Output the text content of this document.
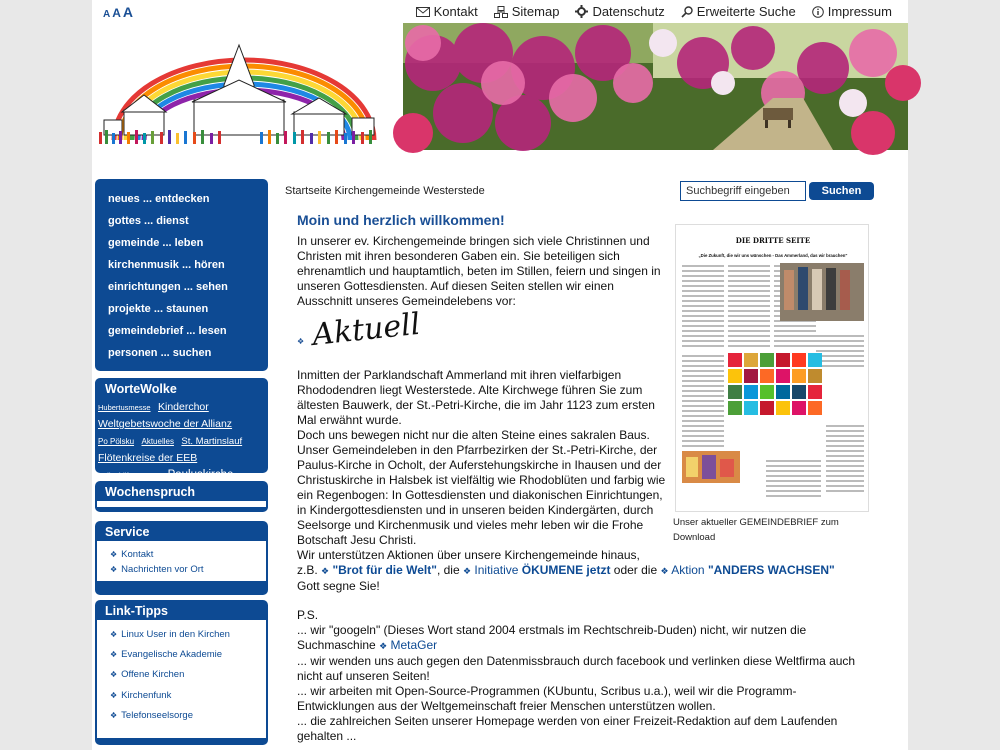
A A A	Kontakt	Sitemap	Datenschutz Erweiterte Suche Impressum
neues ... entdecken
gottes ... dienst
gemeinde ... leben
kirchenmusik ... hören
einrichtungen ... sehen
projekte ... staunen
gemeindebrief ... lesen
personen ... suchen
WorteWolke
Hubertusmesse Kinderchor
Weltgebetswoche der Allianz
Po Pölsku Aktuelles St. Martinslauf
Flötenkreise der EEB
Selbsthilfegruppen Pauluskirche
Wochenspruch
Service
❖ Kontakt
❖ Nachrichten vor Ort
Link-Tipps
❖ Linux User in den Kirchen
❖ Evangelische Akademie
❖ Offene Kirchen
❖ Kirchenfunk
❖ Telefonseelsorge
Startseite Kirchengemeinde Westerstede
Suchbegriff eingeben	Suchen
Moin und herzlich willkommen!
In unserer ev. Kirchengemeinde bringen sich viele Christinnen und Christen mit ihren besonderen Gaben ein. Sie beteiligen sich ehrenamtlich und hauptamtlich, beten im Stillen, feiern und singen in unseren Gottesdiensten. Auf diesen Seiten stellen wir einen Ausschnitt unseres Gemeindelebens vor:
❖ Aktuell
Inmitten der Parklandschaft Ammerland mit ihren vielfarbigen Rhododendren liegt Westerstede. Alte Kirchwege führen Sie zum ältesten Bauwerk, der St.-Petri-Kirche, die im Jahr 1123 zum ersten Mal erwähnt wurde.
Doch uns bewegen nicht nur die alten Steine eines sakralen Baus. Unser Gemeindeleben in den Pfarrbezirken der St.-Petri-Kirche, der Paulus-Kirche in Ocholt, der Auferstehungskirche in Ihausen und der Christuskirche in Halsbek ist vielfältig wie Rhodoblüten und farbig wie ein Regenbogen: In Gottesdiensten und diakonischen Einrichtungen, in Kindergottesdiensten und in unseren beiden Kindergärten, durch Seelsorge und Kirchenmusik und vieles mehr leben wir die Frohe Botschaft Jesu Christi.
Wir unterstützen Aktionen über unsere Kirchengemeinde hinaus,
z.B. ❖ "Brot für die Welt", die ❖ Initiative ÖKUMENE jetzt oder die ❖ Aktion "ANDERS WACHSEN"
Gott segne Sie!
P.S.
... wir "googeln" (Dieses Wort stand 2004 erstmals im Rechtschreib-Duden) nicht, wir nutzen die Suchmaschine ❖ MetaGer
... wir wenden uns auch gegen den Datenmissbrauch durch facebook und verlinken diese Weltfirma auch nicht auf unseren Seiten!
... wir arbeiten mit Open-Source-Programmen (KUbuntu, Scribus u.a.), weil wir die Programm-Entwicklungen aus der Weltgemeinschaft freier Menschen unterstützen wollen.
... die zahlreichen Seiten unserer Homepage werden von einer Freizeit-Redaktion auf dem Laufenden gehalten ...
DIE DRITTE SEITE
„Die Zukunft, die wir uns wünschen - Das Ammerland, das wir brauchen"
Unser aktueller GEMEINDEBRIEF zum Download
